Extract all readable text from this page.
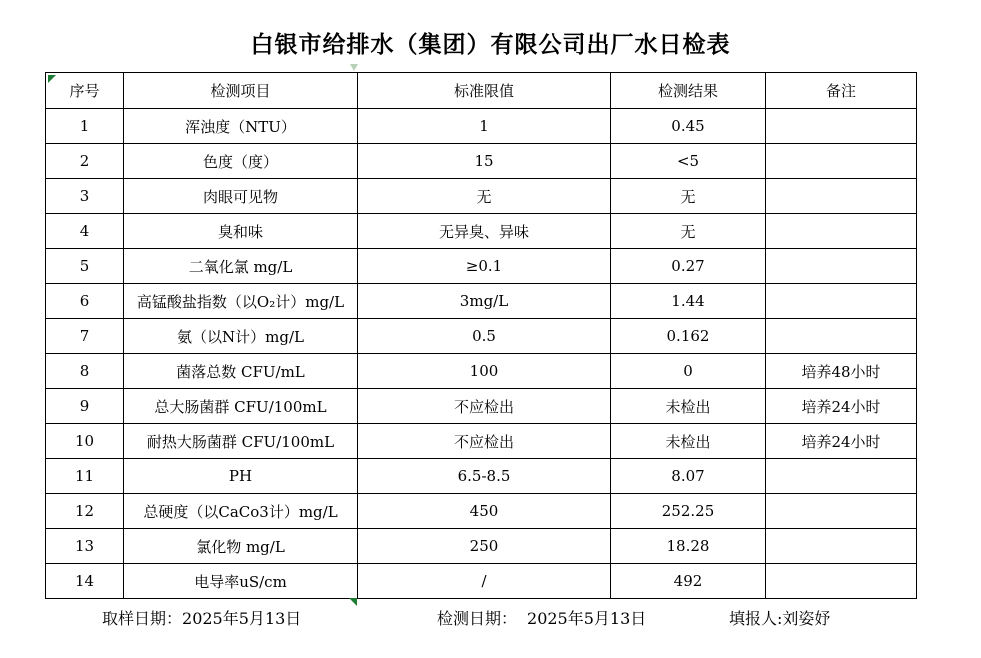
白银市给排水（集团）有限公司出厂水日检表
序号	检测项目	标准限值	检测结果	备注
1	浑浊度（NTU）	1	0.45	
2	色度（度）	15	<5	
3	肉眼可见物	无	无	
4	臭和味	无异臭、异味	无	
5	二氧化氯 mg/L	≥0.1	0.27	
6	高锰酸盐指数（以O₂计）mg/L	3mg/L	1.44	
7	氨（以N计）mg/L	0.5	0.162	
8	菌落总数 CFU/mL	100	0	培养48小时
9	总大肠菌群 CFU/100mL	不应检出	未检出	培养24小时
10	耐热大肠菌群 CFU/100mL	不应检出	未检出	培养24小时
11	PH	6.5-8.5	8.07	
12	总硬度（以CaCo3计）mg/L	450	252.25	
13	氯化物 mg/L	250	18.28	
14	电导率uS/cm	/	492	
取样日期：2025年5月13日	检测日期： 2025年5月13日	填报人:刘姿妤
